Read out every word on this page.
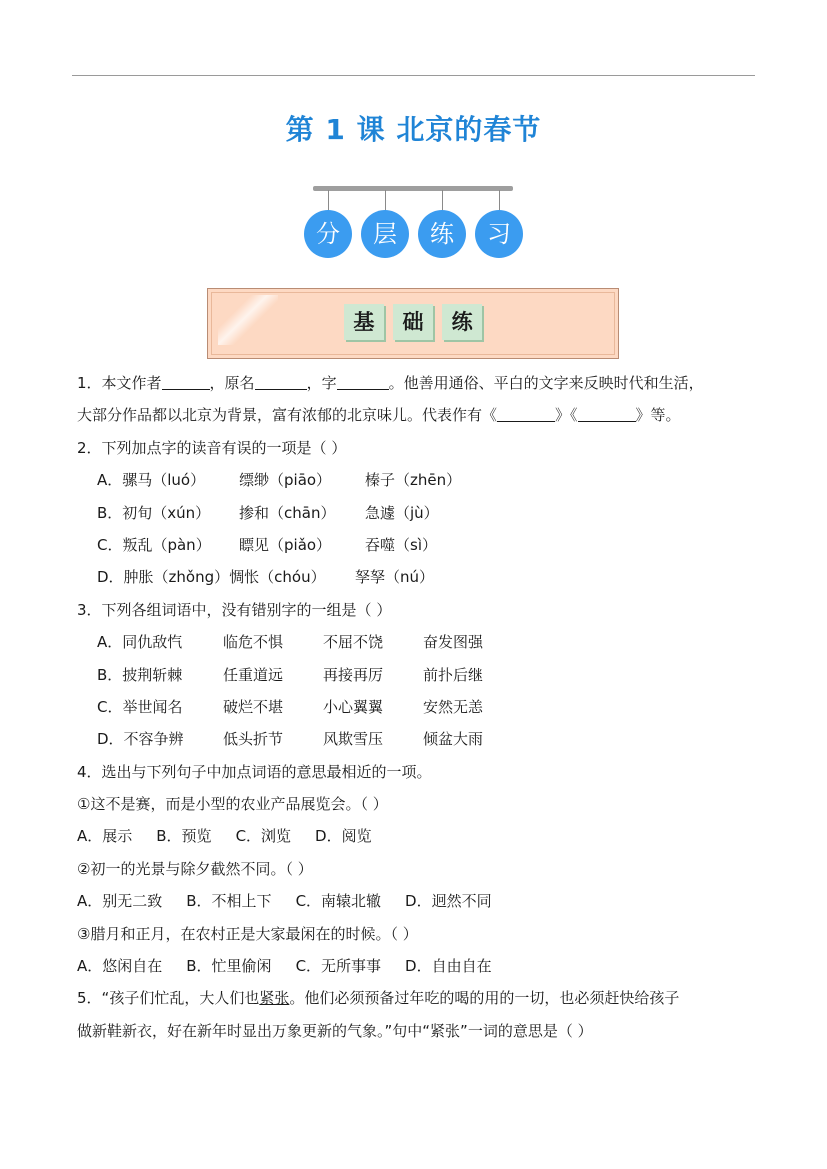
第 1 课 北京的春节
分	层	练	习
基 础 练
1．本文作者	，原名	，字	。他善用通俗、平白的文字来反映时代和生活，
大部分作品都以北京为背景，富有浓郁的北京味儿。代表作有《	》《	》等。
2．下列加点字的读音有误的一项是（ ）
A．骡马（luó） 缥缈（piāo） 榛子（zhēn）
B．初旬（xún） 掺和（chān） 急遽（jù）
C．叛乱（pàn） 瞟见（piǎo） 吞噬（sì）
D．肿胀（zhǒng）惆怅（chóu） 孥孥（nú）
3．下列各组词语中，没有错别字的一组是（ ）
A．同仇敌忾	临危不惧	不屈不饶	奋发图强
B．披荆斩棘	任重道远	再接再厉	前扑后继
C．举世闻名	破烂不堪	小心翼翼	安然无恙
D．不容争辨	低头折节	风欺雪压	倾盆大雨
4．选出与下列句子中加点词语的意思最相近的一项。
①这不是赛，而是小型的农业产品展览会。（ ）
A．展示 B．预览 C．浏览 D．阅览
②初一的光景与除夕截然不同。（ ）
A．别无二致 B．不相上下 C．南辕北辙 D．迥然不同
③腊月和正月，在农村正是大家最闲在的时候。（ ）
A．悠闲自在 B．忙里偷闲 C．无所事事 D．自由自在
5．“孩子们忙乱，大人们也紧张。他们必须预备过年吃的喝的用的一切，也必须赶快给孩子
做新鞋新衣，好在新年时显出万象更新的气象。”句中“紧张”一词的意思是（ ）
